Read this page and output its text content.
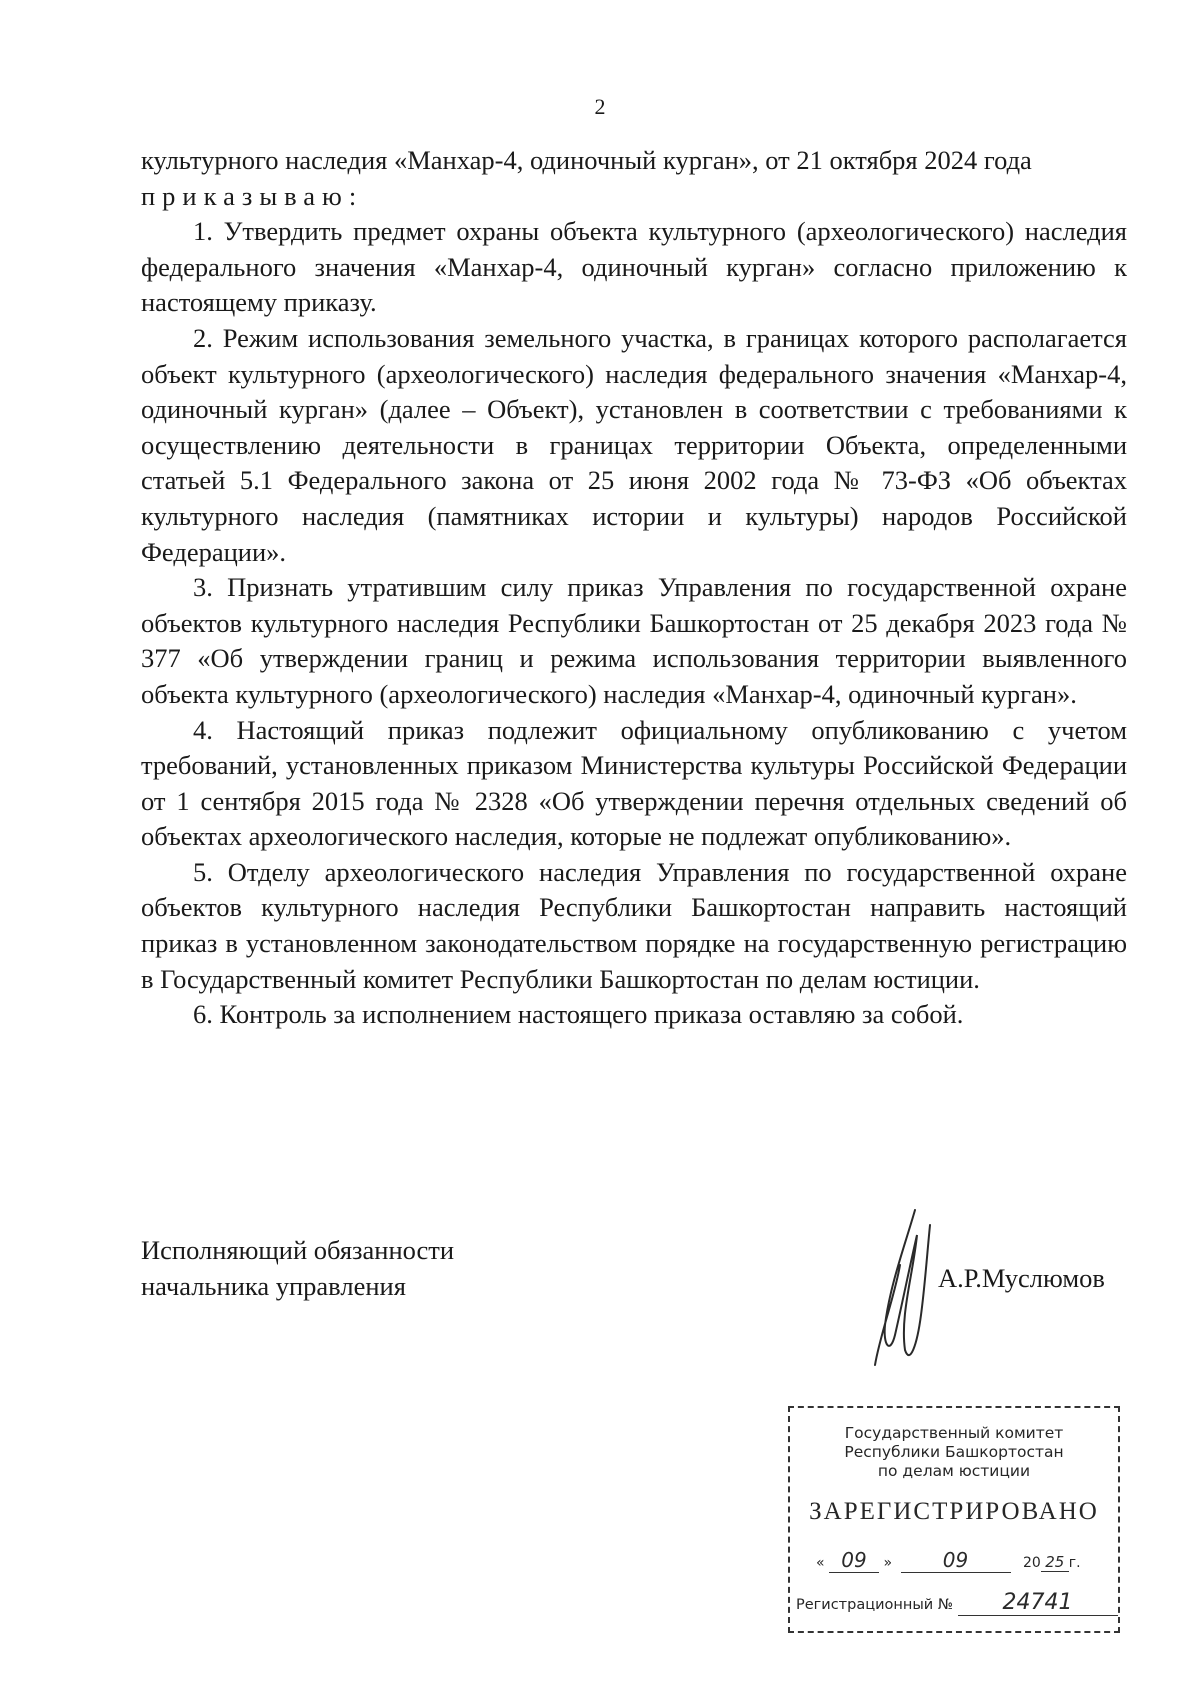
2

культурного наследия «Манхар-4, одиночный курган», от 21 октября 2024 года

приказываю:

1. Утвердить предмет охраны объекта культурного (археологического) наследия федерального значения «Манхар-4, одиночный курган» согласно приложению к настоящему приказу.

2. Режим использования земельного участка, в границах которого располагается объект культурного (археологического) наследия федерального значения «Манхар-4, одиночный курган» (далее – Объект), установлен в соответствии с требованиями к осуществлению деятельности в границах территории Объекта, определенными статьей 5.1 Федерального закона от 25 июня 2002 года № 73-ФЗ «Об объектах культурного наследия (памятниках истории и культуры) народов Российской Федерации».

3. Признать утратившим силу приказ Управления по государственной охране объектов культурного наследия Республики Башкортостан от 25 декабря 2023 года № 377 «Об утверждении границ и режима использования территории выявленного объекта культурного (археологического) наследия «Манхар-4, одиночный курган».

4. Настоящий приказ подлежит официальному опубликованию с учетом требований, установленных приказом Министерства культуры Российской Федерации от 1 сентября 2015 года № 2328 «Об утверждении перечня отдельных сведений об объектах археологического наследия, которые не подлежат опубликованию».

5. Отделу археологического наследия Управления по государственной охране объектов культурного наследия Республики Башкортостан направить настоящий приказ в установленном законодательством порядке на государственную регистрацию в Государственный комитет Республики Башкортостан по делам юстиции.

6. Контроль за исполнением настоящего приказа оставляю за собой.

Исполняющий обязанности
начальника управления	А.Р.Муслюмов
Государственный комитет
Республики Башкортостан
по делам юстиции
ЗАРЕГИСТРИРОВАНО
« 09 »	09	20 25 г.
Регистрационный № 24741
